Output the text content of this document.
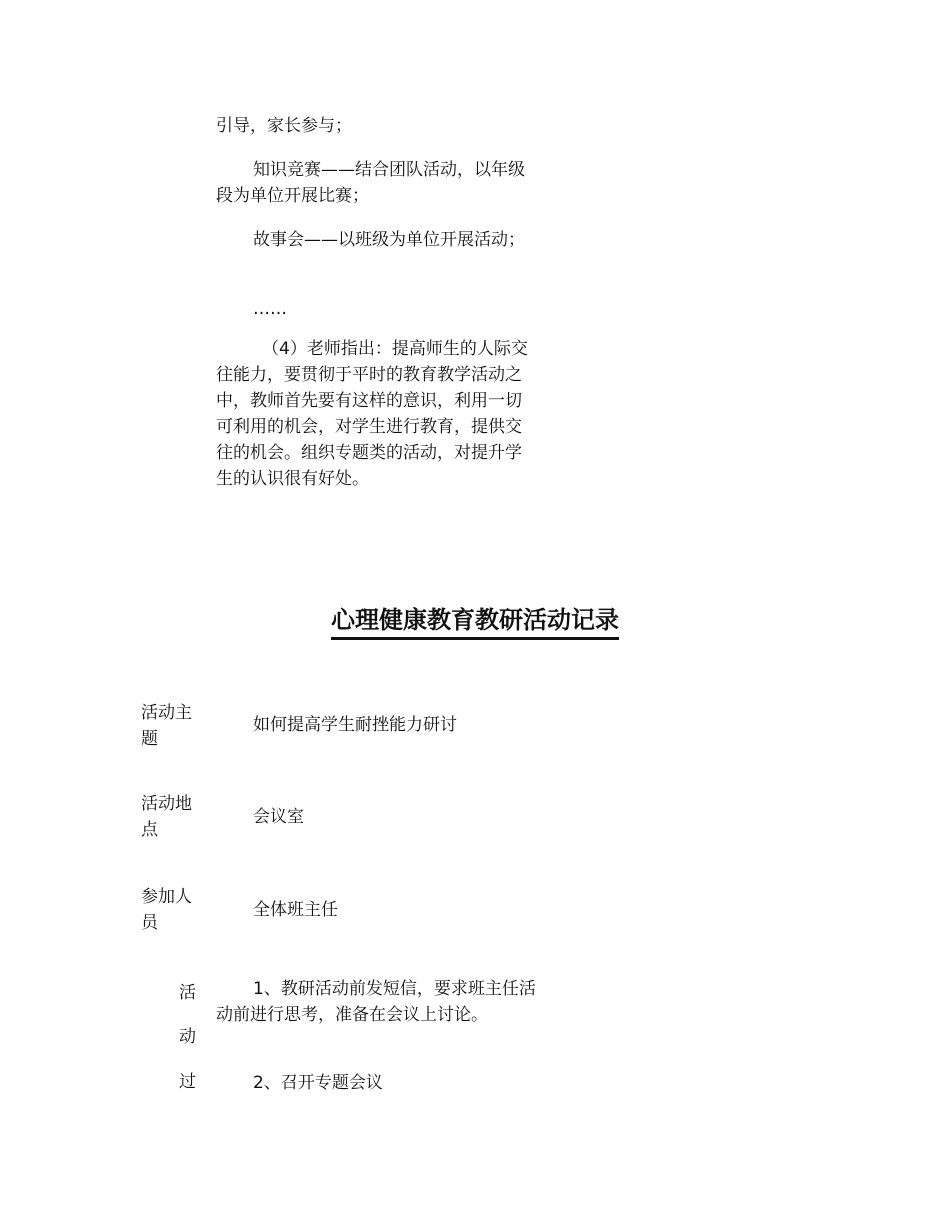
引导，家长参与；

知识竞赛——结合团队活动，以年级段为单位开展比赛；

故事会——以班级为单位开展活动；

……

（4）老师指出：提高师生的人际交往能力，要贯彻于平时的教育教学活动之中，教师首先要有这样的意识，利用一切可利用的机会，对学生进行教育，提供交往的机会。组织专题类的活动，对提升学生的认识很有好处。

心理健康教育教研活动记录

活动主题

如何提高学生耐挫能力研讨

活动地点

会议室

参加人员

全体班主任

活

动

过

1、教研活动前发短信，要求班主任活动前进行思考，准备在会议上讨论。

2、召开专题会议
